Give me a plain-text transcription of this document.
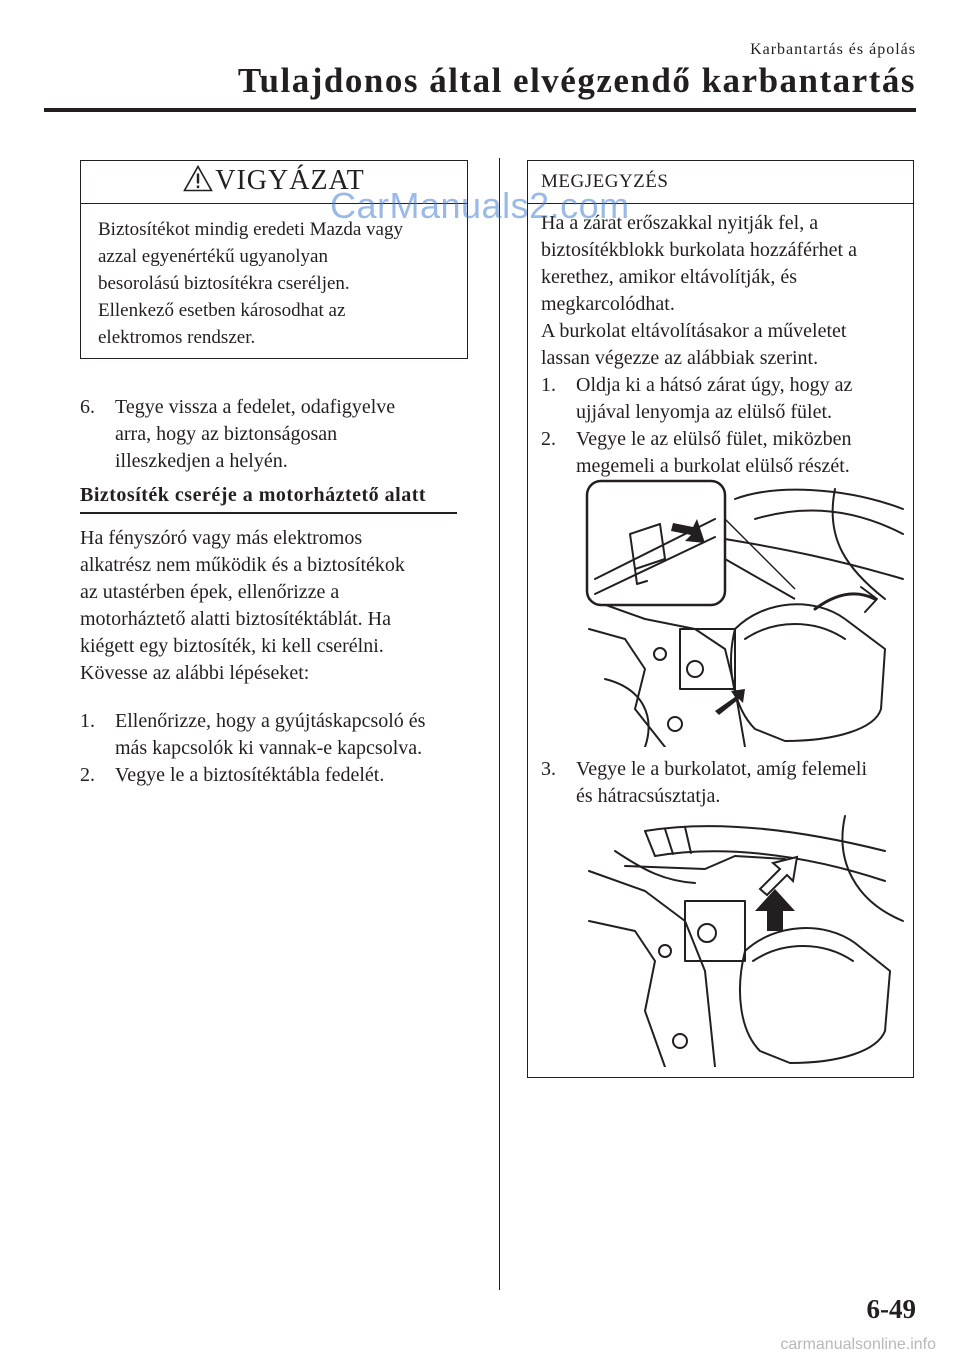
Karbantartás és ápolás
Tulajdonos által elvégzendő karbantartás
VIGYÁZAT
Biztosítékot mindig eredeti Mazda vagy
azzal egyenértékű ugyanolyan
besorolású biztosítékra cseréljen.
Ellenkező esetben károsodhat az
elektromos rendszer.
6. Tegye vissza a fedelet, odafigyelve
arra, hogy az biztonságosan
illeszkedjen a helyén.
Biztosíték cseréje a motorháztető alatt
Ha fényszóró vagy más elektromos
alkatrész nem működik és a biztosítékok
az utastérben épek, ellenőrizze a
motorháztető alatti biztosítéktáblát. Ha
kiégett egy biztosíték, ki kell cserélni.
Kövesse az alábbi lépéseket:
1. Ellenőrizze, hogy a gyújtáskapcsoló és
más kapcsolók ki vannak-e kapcsolva.
2. Vegye le a biztosítéktábla fedelét.
MEGJEGYZÉS
Ha a zárat erőszakkal nyitják fel, a
biztosítékblokk burkolata hozzáférhet a
kerethez, amikor eltávolítják, és
megkarcolódhat.
A burkolat eltávolításakor a műveletet
lassan végezze az alábbiak szerint.
1. Oldja ki a hátsó zárat úgy, hogy az
ujjával lenyomja az elülső fület.
2. Vegye le az elülső fület, miközben
megemeli a burkolat elülső részét.
3. Vegye le a burkolatot, amíg felemeli
és hátracsúsztatja.
CarManuals2.com
6-49
carmanualsonline.info
